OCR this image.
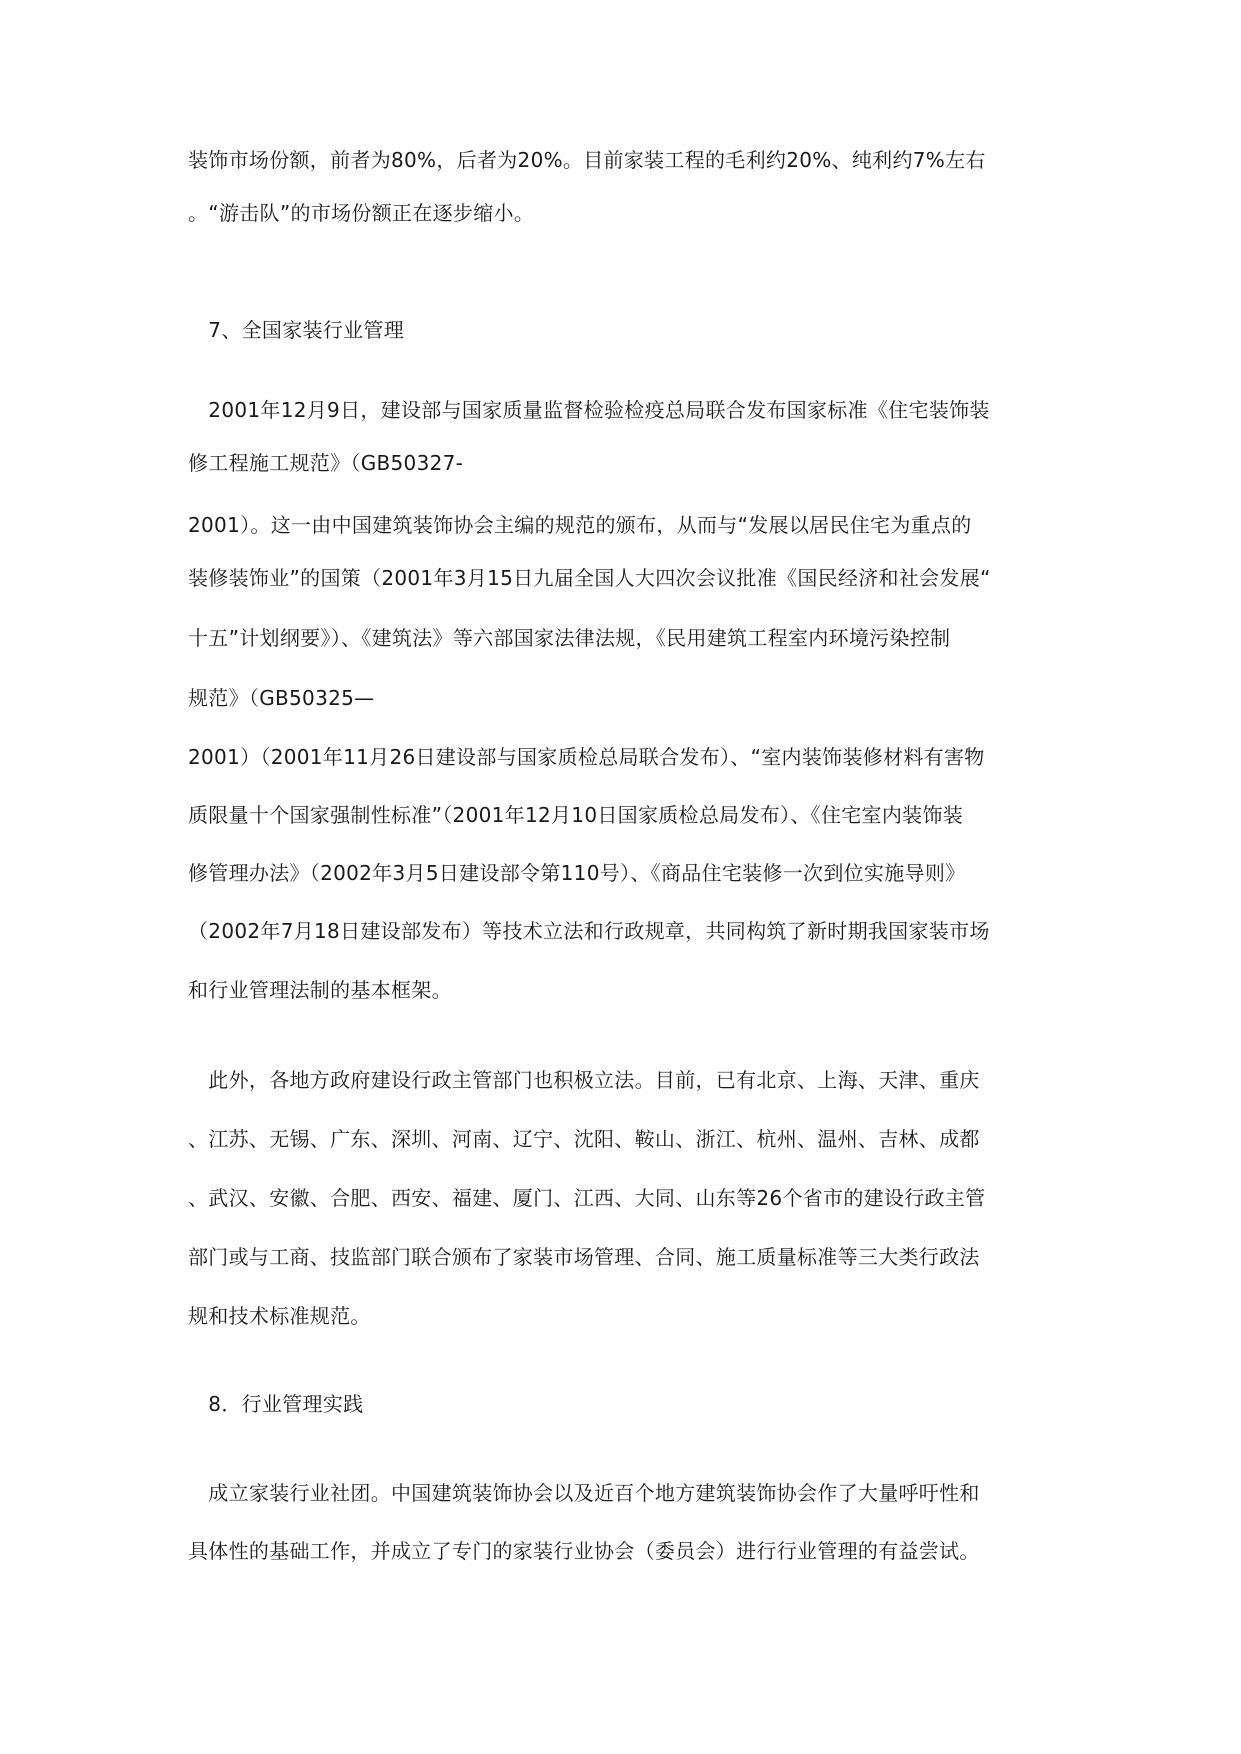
装饰市场份额，前者为80%，后者为20%。目前家装工程的毛利约20%、纯利约7%左右
。“游击队”的市场份额正在逐步缩小。
　7、全国家装行业管理
　2001年12月9日，建设部与国家质量监督检验检疫总局联合发布国家标准《住宅装饰装
修工程施工规范》（GB50327-
2001）。这一由中国建筑装饰协会主编的规范的颁布，从而与“发展以居民住宅为重点的
装修装饰业”的国策（2001年3月15日九届全国人大四次会议批准《国民经济和社会发展“
十五”计划纲要》）、《建筑法》等六部国家法律法规，《民用建筑工程室内环境污染控制
规范》（GB50325—
2001）（2001年11月26日建设部与国家质检总局联合发布）、“室内装饰装修材料有害物
质限量十个国家强制性标准”（2001年12月10日国家质检总局发布）、《住宅室内装饰装
修管理办法》（2002年3月5日建设部令第110号）、《商品住宅装修一次到位实施导则》
（2002年7月18日建设部发布）等技术立法和行政规章，共同构筑了新时期我国家装市场
和行业管理法制的基本框架。
　此外，各地方政府建设行政主管部门也积极立法。目前，已有北京、上海、天津、重庆
、江苏、无锡、广东、深圳、河南、辽宁、沈阳、鞍山、浙江、杭州、温州、吉林、成都
、武汉、安徽、合肥、西安、福建、厦门、江西、大同、山东等26个省市的建设行政主管
部门或与工商、技监部门联合颁布了家装市场管理、合同、施工质量标准等三大类行政法
规和技术标准规范。
　8．行业管理实践
　成立家装行业社团。中国建筑装饰协会以及近百个地方建筑装饰协会作了大量呼吁性和
具体性的基础工作，并成立了专门的家装行业协会（委员会）进行行业管理的有益尝试。
